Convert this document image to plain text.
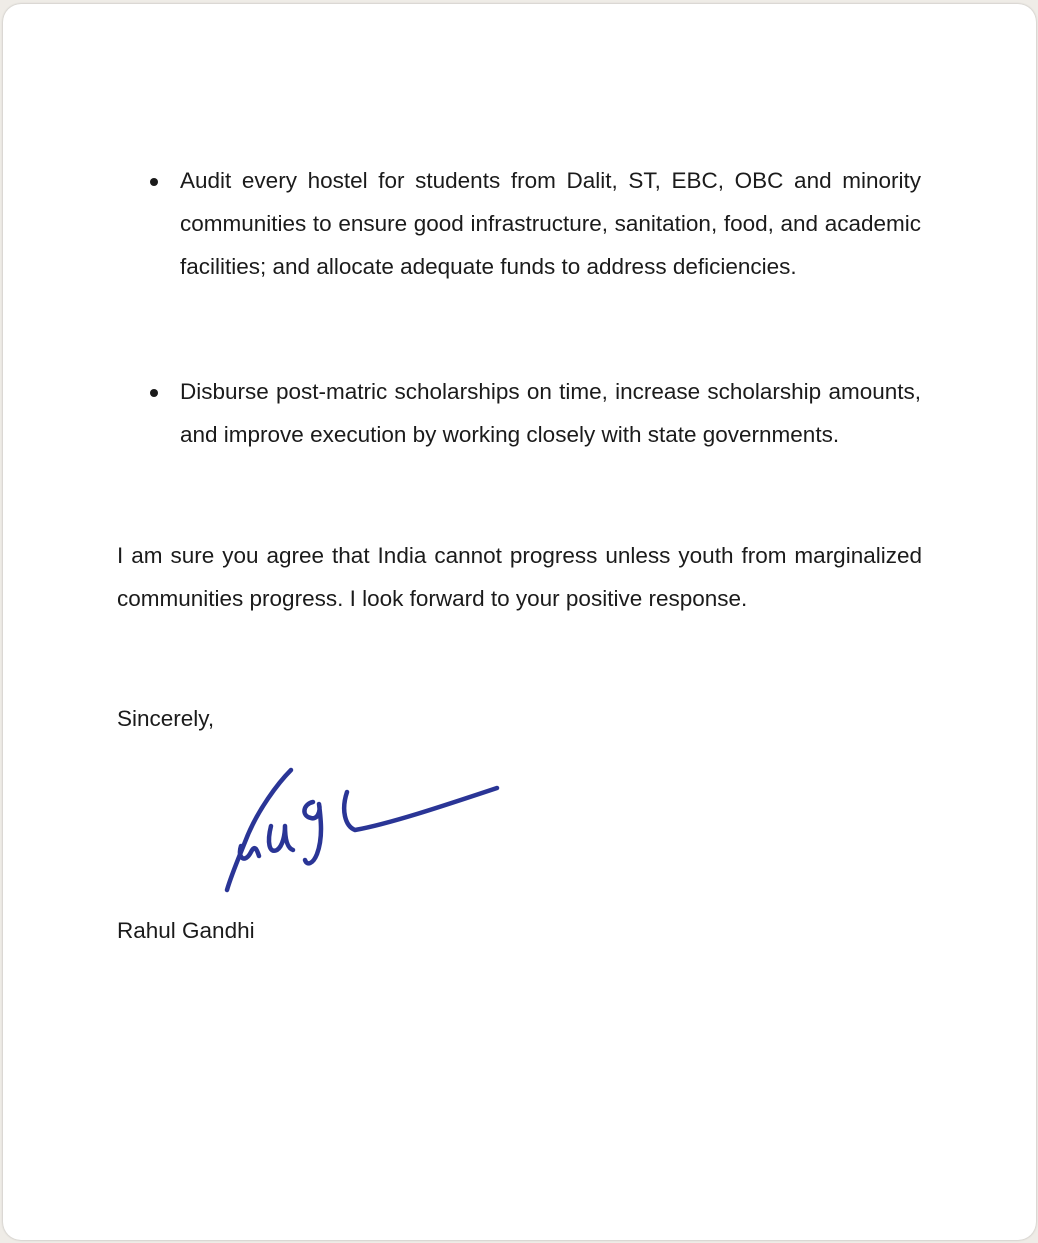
Audit every hostel for students from Dalit, ST, EBC, OBC and minority communities to ensure good infrastructure, sanitation, food, and academic facilities; and allocate adequate funds to address deficiencies.
Disburse post-matric scholarships on time, increase scholarship amounts, and improve execution by working closely with state governments.

I am sure you agree that India cannot progress unless youth from marginalized communities progress. I look forward to your positive response.

Sincerely,

Rahul Gandhi
